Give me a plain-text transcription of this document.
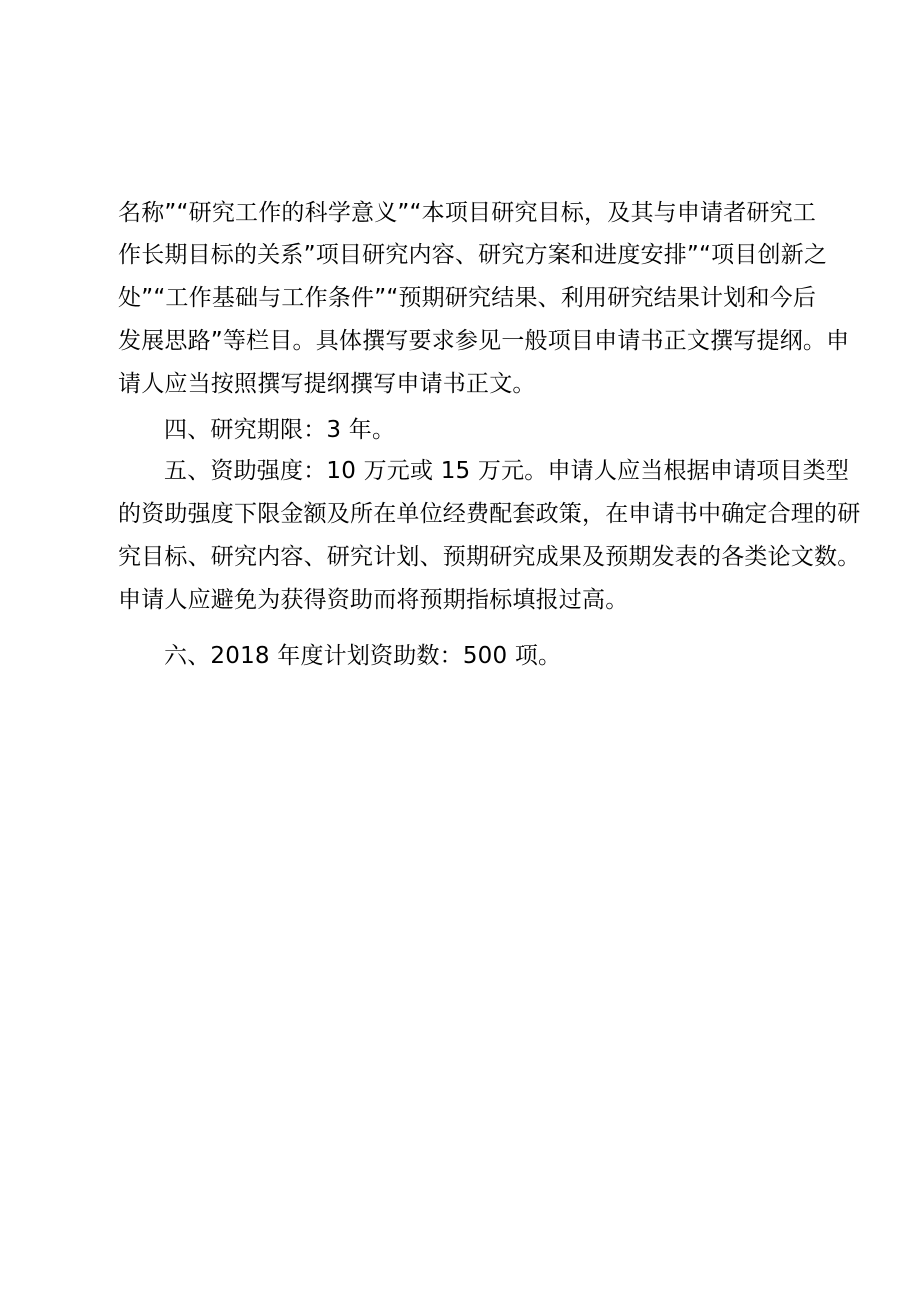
名称”“研究工作的科学意义”“本项目研究目标，及其与申请者研究工
作长期目标的关系”项目研究内容、研究方案和进度安排”“项目创新之
处”“工作基础与工作条件”“预期研究结果、利用研究结果计划和今后
发展思路”等栏目。具体撰写要求参见一般项目申请书正文撰写提纲。申
请人应当按照撰写提纲撰写申请书正文。
四、研究期限：3 年。
五、资助强度：10 万元或 15 万元。申请人应当根据申请项目类型
的资助强度下限金额及所在单位经费配套政策，在申请书中确定合理的研
究目标、研究内容、研究计划、预期研究成果及预期发表的各类论文数。
申请人应避免为获得资助而将预期指标填报过高。
六、2018 年度计划资助数：500 项。
